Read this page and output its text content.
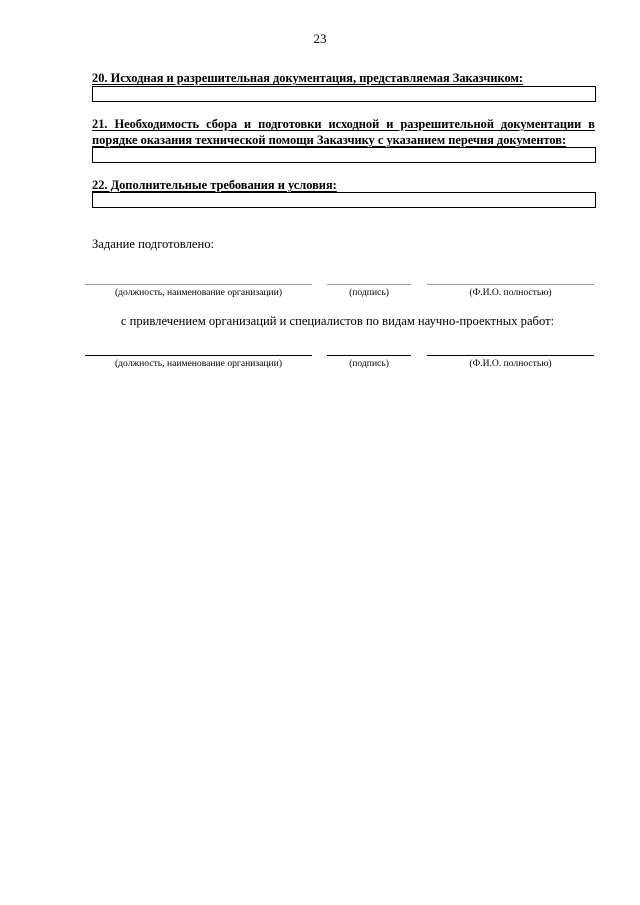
23
20. Исходная и разрешительная документация, представляемая Заказчиком:
21. Необходимость сбора и подготовки исходной и разрешительной документации в порядке оказания технической помощи Заказчику с указанием перечня документов:
22. Дополнительные требования и условия:
Задание подготовлено:
(должность, наименование организации)	(подпись)	(Ф.И.О. полностью)
с привлечением организаций и специалистов по видам научно-проектных работ:
(должность, наименование организации)	(подпись)	(Ф.И.О. полностью)
